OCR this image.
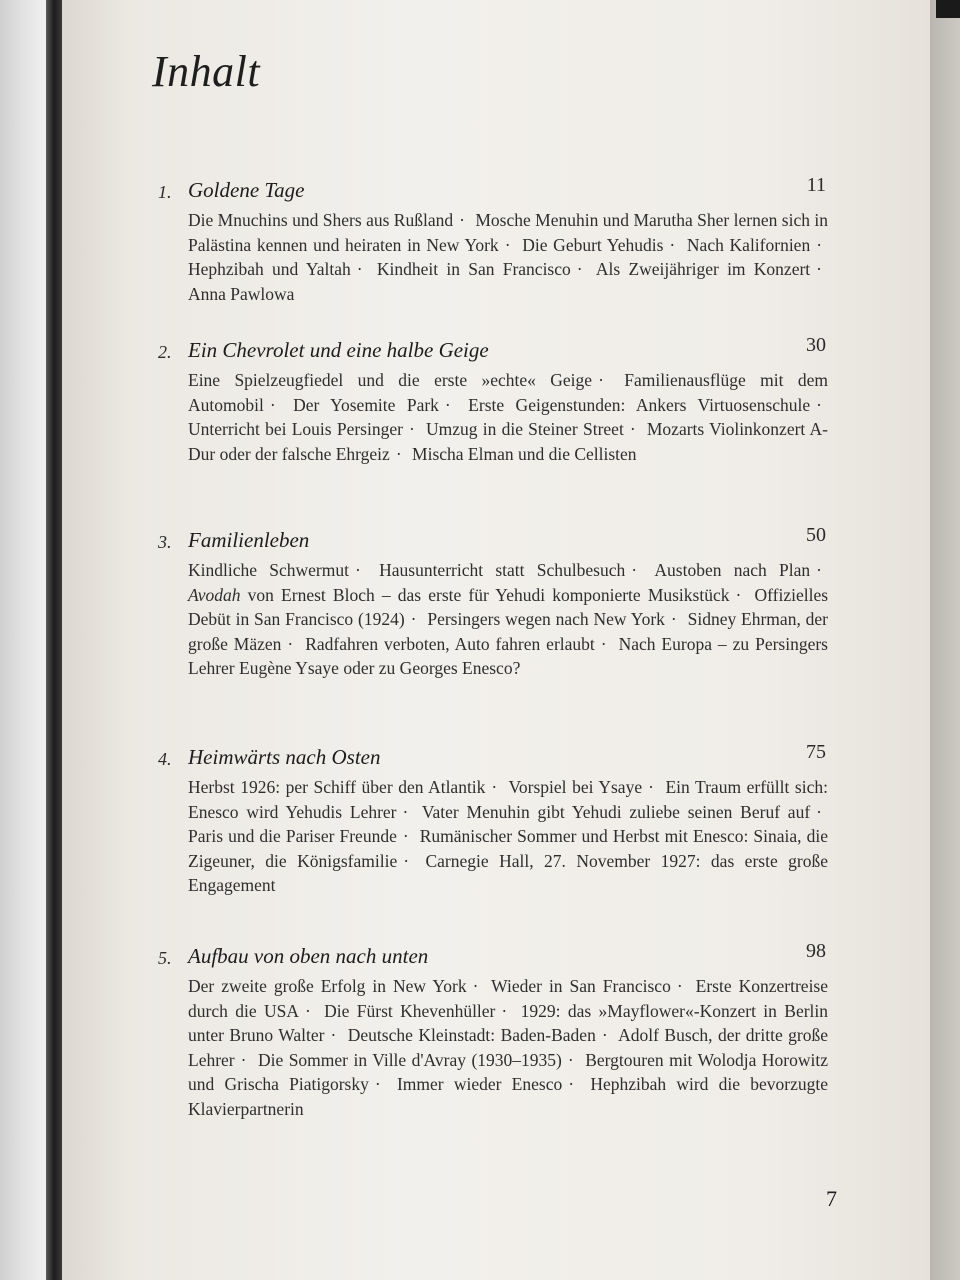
Inhalt
1. Goldene Tage	11

Die Mnuchins und Shers aus Rußland · Mosche Menuhin und Marutha Sher lernen sich in Palästina kennen und heiraten in New York · Die Geburt Yehudis · Nach Kalifornien · Hephzibah und Yaltah · Kindheit in San Francisco · Als Zweijähriger im Konzert · Anna Pawlowa

2. Ein Chevrolet und eine halbe Geige	30

Eine Spielzeugfiedel und die erste »echte« Geige · Familienausflüge mit dem Automobil · Der Yosemite Park · Erste Geigenstunden: Ankers Virtuosenschule · Unterricht bei Louis Persinger · Umzug in die Steiner Street · Mozarts Violinkonzert A-Dur oder der falsche Ehrgeiz · Mischa Elman und die Cellisten

3. Familienleben	50

Kindliche Schwermut · Hausunterricht statt Schulbesuch · Austoben nach Plan · Avodah von Ernest Bloch – das erste für Yehudi komponierte Musikstück · Offizielles Debüt in San Francisco (1924) · Persingers wegen nach New York · Sidney Ehrman, der große Mäzen · Radfahren verboten, Auto fahren erlaubt · Nach Europa – zu Persingers Lehrer Eugène Ysaye oder zu Georges Enesco?

4. Heimwärts nach Osten	75

Herbst 1926: per Schiff über den Atlantik · Vorspiel bei Ysaye · Ein Traum erfüllt sich: Enesco wird Yehudis Lehrer · Vater Menuhin gibt Yehudi zuliebe seinen Beruf auf · Paris und die Pariser Freunde · Rumänischer Sommer und Herbst mit Enesco: Sinaia, die Zigeuner, die Königsfamilie · Carnegie Hall, 27. November 1927: das erste große Engagement

5. Aufbau von oben nach unten	98

Der zweite große Erfolg in New York · Wieder in San Francisco · Erste Konzertreise durch die USA · Die Fürst Khevenhüller · 1929: das »Mayflower«-Konzert in Berlin unter Bruno Walter · Deutsche Kleinstadt: Baden-Baden · Adolf Busch, der dritte große Lehrer · Die Sommer in Ville d'Avray (1930–1935) · Bergtouren mit Wolodja Horowitz und Grischa Piatigorsky · Immer wieder Enesco · Hephzibah wird die bevorzugte Klavierpartnerin

7
